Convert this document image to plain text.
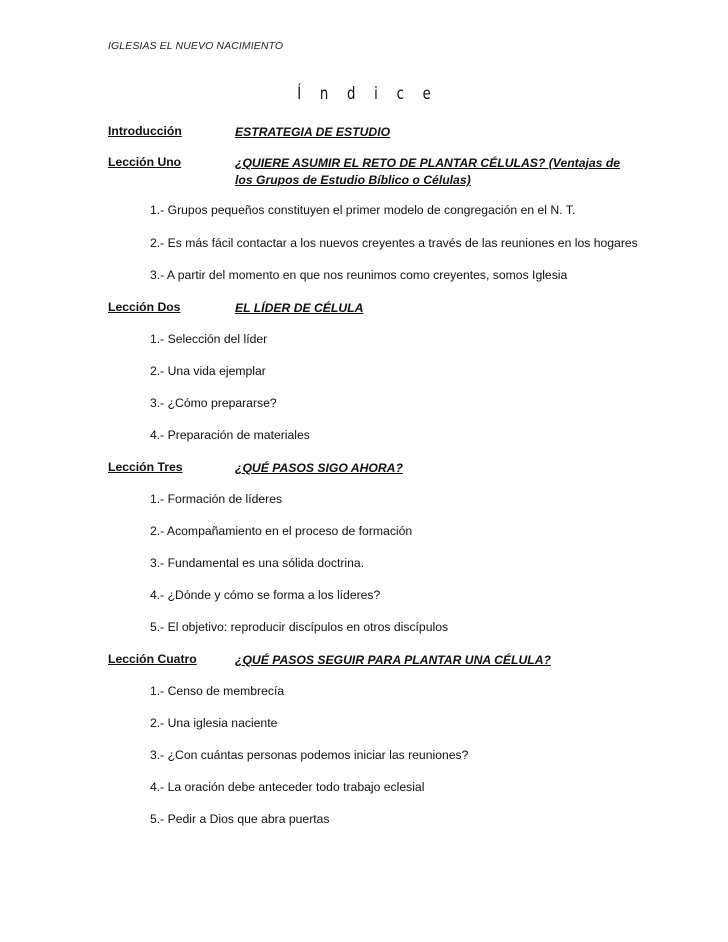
IGLESIAS EL NUEVO NACIMIENTO
Í n d i c e
Introducción	ESTRATEGIA DE ESTUDIO
Lección Uno	¿QUIERE ASUMIR EL RETO DE PLANTAR CÉLULAS? (Ventajas de los Grupos de Estudio Bíblico o Células)
1.- Grupos pequeños constituyen el primer modelo de congregación en el N. T.
2.- Es más fácil contactar a los nuevos creyentes a través de las reuniones en los hogares
3.- A partir del momento en que nos reunimos como creyentes, somos Iglesia
Lección Dos	EL LÍDER DE CÉLULA
1.- Selección del líder
2.- Una vida ejemplar
3.- ¿Cómo prepararse?
4.- Preparación de materiales
Lección Tres	¿QUÉ PASOS SIGO AHORA?
1.- Formación de líderes
2.- Acompañamiento en el proceso de formación
3.- Fundamental es una sólida doctrina.
4.- ¿Dónde y cómo se forma a los líderes?
5.- El objetivo: reproducir discípulos en otros discípulos
Lección Cuatro	¿QUÉ PASOS SEGUIR PARA PLANTAR UNA CÉLULA?
1.- Censo de membrecía
2.- Una iglesia naciente
3.- ¿Con cuántas personas podemos iniciar las reuniones?
4.- La oración debe anteceder todo trabajo eclesial
5.- Pedir a Dios que abra puertas
